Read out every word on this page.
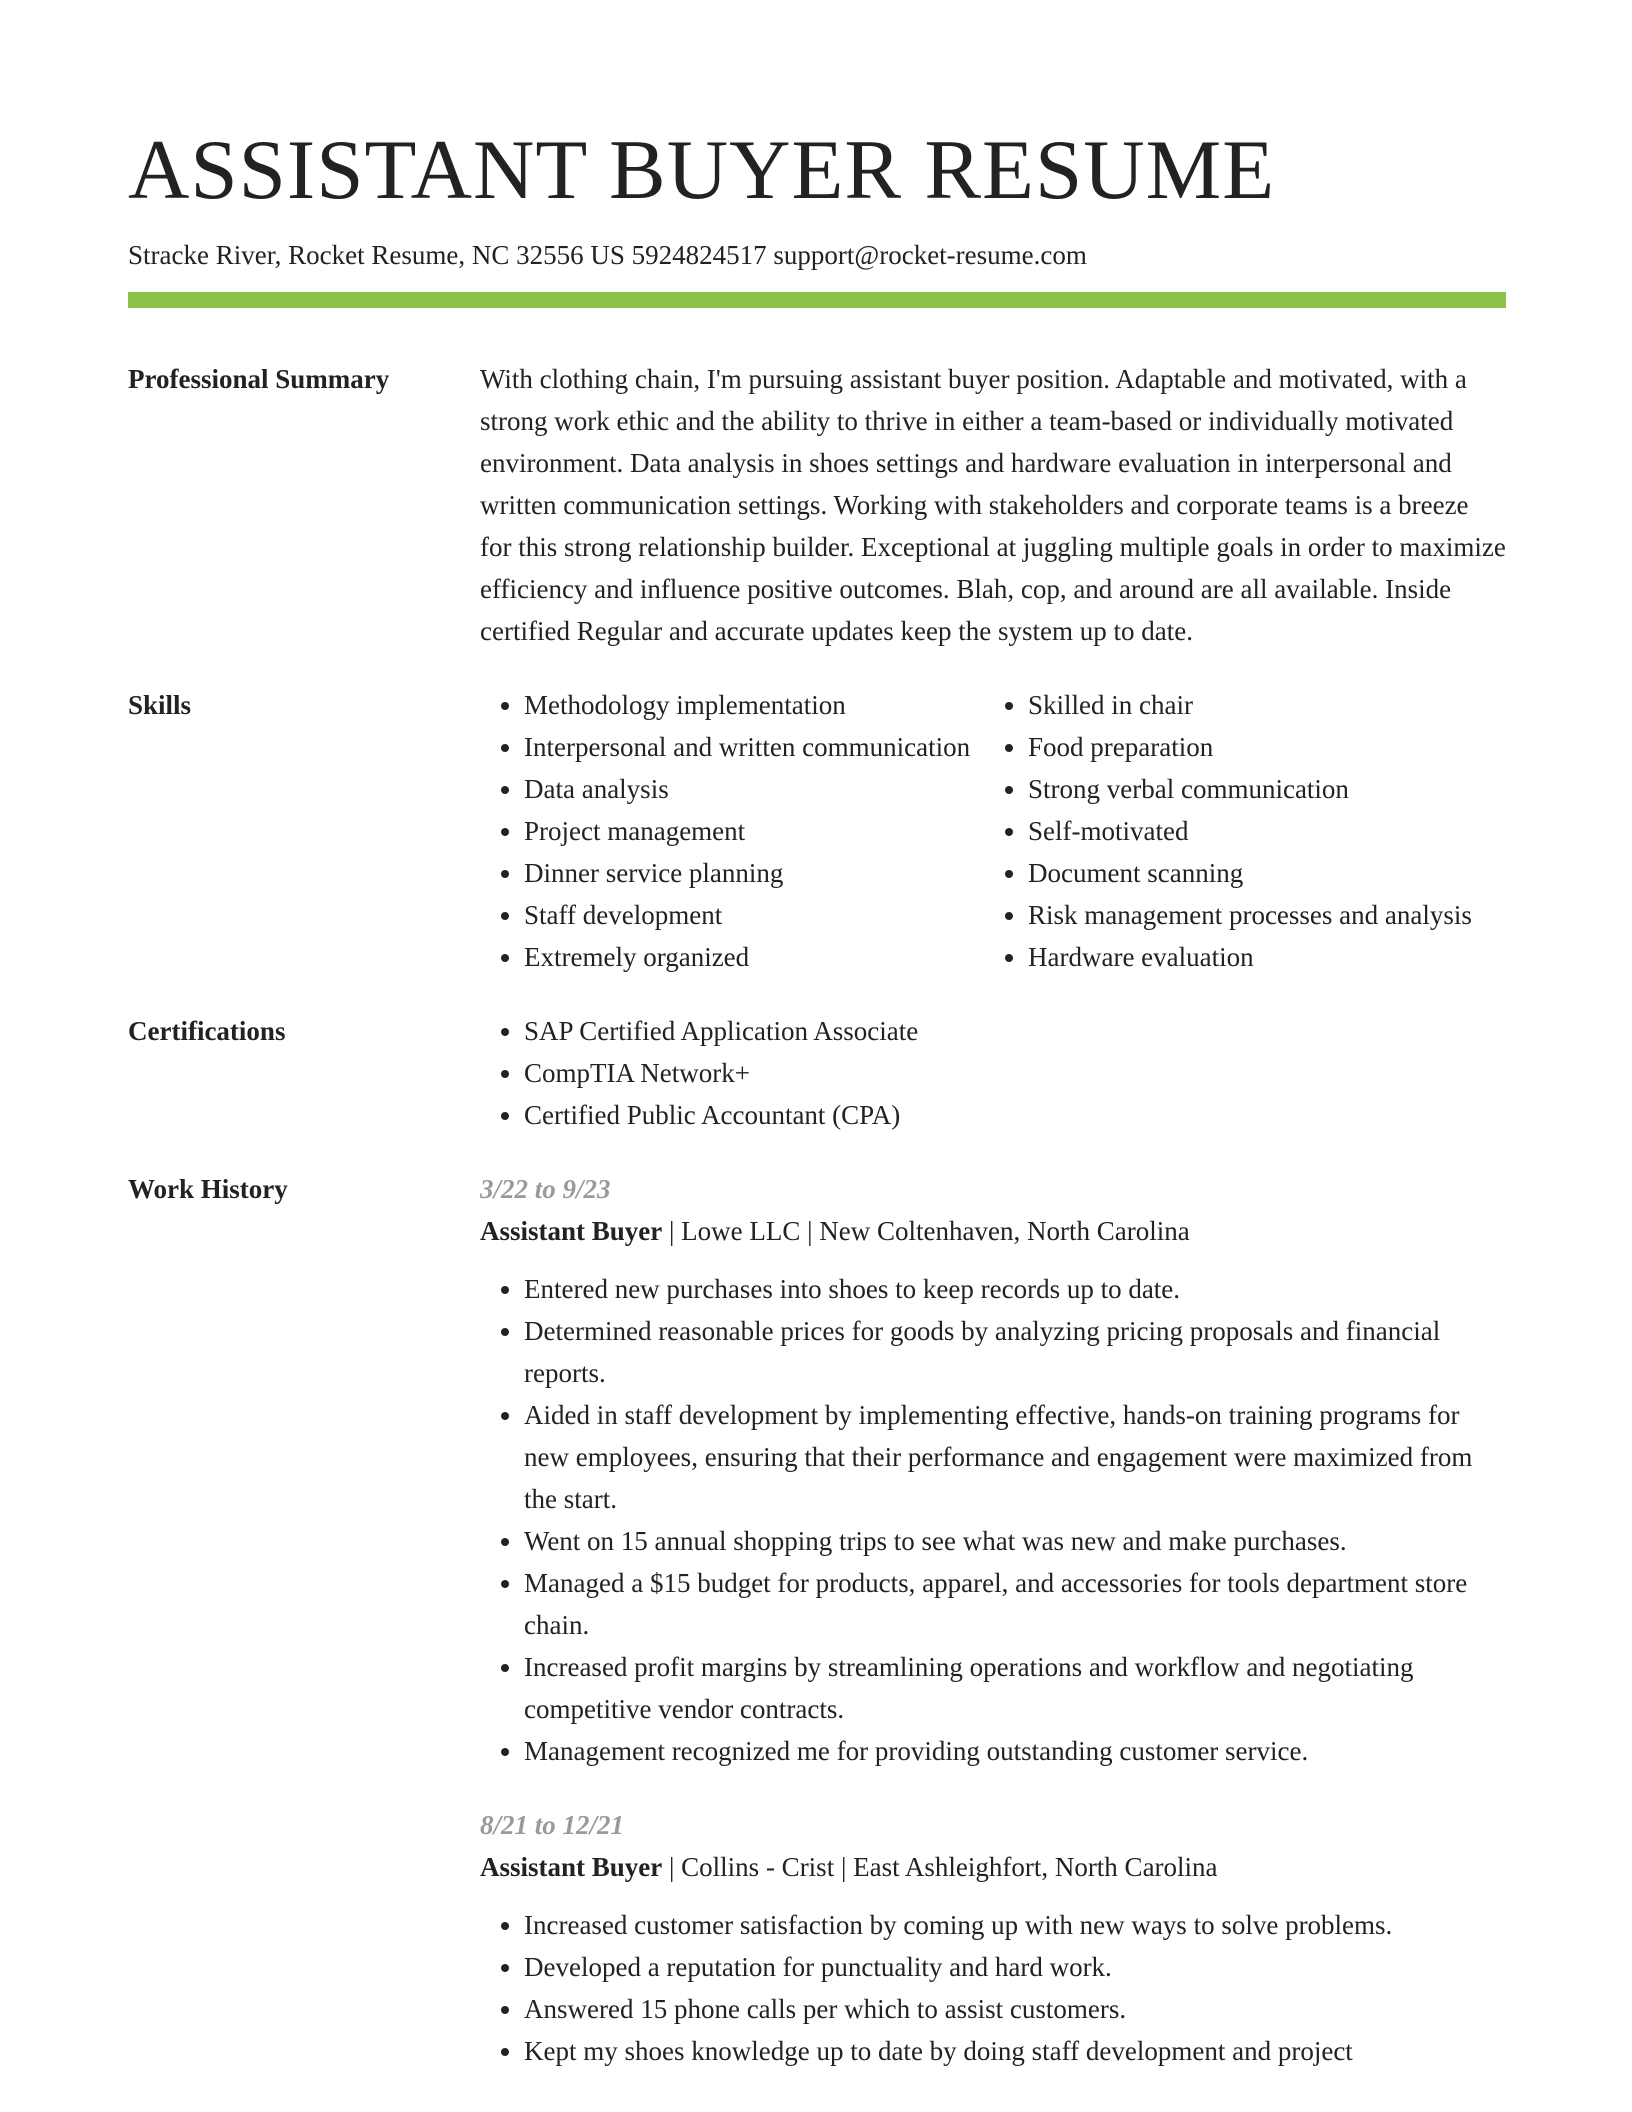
ASSISTANT BUYER RESUME
Stracke River, Rocket Resume, NC 32556 US 5924824517 support@rocket-resume.com
Professional Summary	With clothing chain, I'm pursuing assistant buyer position. Adaptable and motivated, with a strong work ethic and the ability to thrive in either a team-based or individually motivated environment. Data analysis in shoes settings and hardware evaluation in interpersonal and written communication settings. Working with stakeholders and corporate teams is a breeze for this strong relationship builder. Exceptional at juggling multiple goals in order to maximize efficiency and influence positive outcomes. Blah, cop, and around are all available. Inside certified Regular and accurate updates keep the system up to date.

Skills	• Methodology implementation
• Interpersonal and written communication
• Data analysis
• Project management
• Dinner service planning
• Staff development
• Extremely organized
• Skilled in chair
• Food preparation
• Strong verbal communication
• Self-motivated
• Document scanning
• Risk management processes and analysis
• Hardware evaluation
Certifications	• SAP Certified Application Associate
• CompTIA Network+
• Certified Public Accountant (CPA)
Work History	3/22 to 9/23
Assistant Buyer | Lowe LLC | New Coltenhaven, North Carolina
• Entered new purchases into shoes to keep records up to date.
• Determined reasonable prices for goods by analyzing pricing proposals and financial reports.
• Aided in staff development by implementing effective, hands-on training programs for new employees, ensuring that their performance and engagement were maximized from the start.
• Went on 15 annual shopping trips to see what was new and make purchases.
• Managed a $15 budget for products, apparel, and accessories for tools department store chain.
• Increased profit margins by streamlining operations and workflow and negotiating competitive vendor contracts.
• Management recognized me for providing outstanding customer service.
8/21 to 12/21
Assistant Buyer | Collins - Crist | East Ashleighfort, North Carolina
• Increased customer satisfaction by coming up with new ways to solve problems.
• Developed a reputation for punctuality and hard work.
• Answered 15 phone calls per which to assist customers.
• Kept my shoes knowledge up to date by doing staff development and project
